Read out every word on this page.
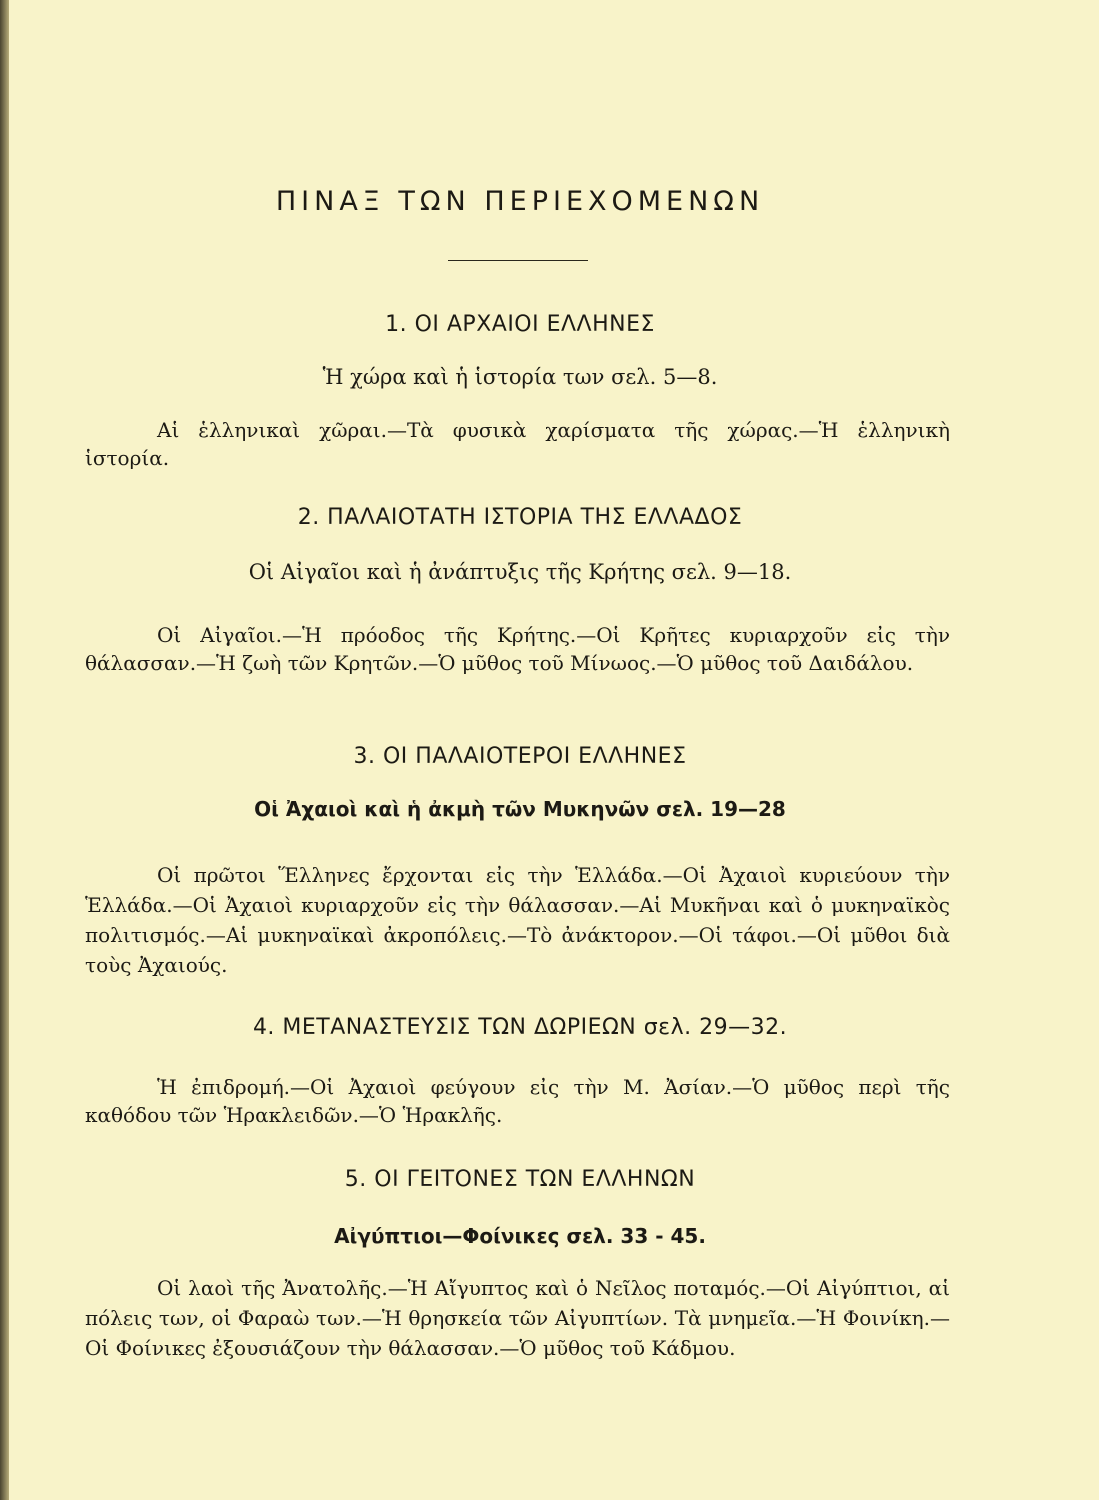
ΠΙΝΑΞ ΤΩΝ ΠΕΡΙΕΧΟΜΕΝΩΝ

1. ΟΙ ΑΡΧΑΙΟΙ ΕΛΛΗΝΕΣ

Ἡ χώρα καὶ ἡ ἱστορία των σελ. 5—8.

Αἱ ἑλληνικαὶ χῶραι.—Τὰ φυσικὰ χαρίσματα τῆς χώρας.—Ἡ ἑλληνικὴ ἱστορία.

2. ΠΑΛΑΙΟΤΑΤΗ ΙΣΤΟΡΙΑ ΤΗΣ ΕΛΛΑΔΟΣ

Οἱ Αἰγαῖοι καὶ ἡ ἀνάπτυξις τῆς Κρήτης σελ. 9—18.

Οἱ Αἰγαῖοι.—Ἡ πρόοδος τῆς Κρήτης.—Οἱ Κρῆτες κυριαρχοῦν εἰς τὴν θάλασσαν.—Ἡ ζωὴ τῶν Κρητῶν.—Ὁ μῦθος τοῦ Μίνωος.—Ὁ μῦθος τοῦ Δαιδάλου.

3. ΟΙ ΠΑΛΑΙΟΤΕΡΟΙ ΕΛΛΗΝΕΣ

Οἱ Ἀχαιοὶ καὶ ἡ ἀκμὴ τῶν Μυκηνῶν σελ. 19—28

Οἱ πρῶτοι Ἕλληνες ἔρχονται εἰς τὴν Ἑλλάδα.—Οἱ Ἀχαιοὶ κυριεύουν τὴν Ἑλλάδα.—Οἱ Ἀχαιοὶ κυριαρχοῦν εἰς τὴν θάλασσαν.—Αἱ Μυκῆναι καὶ ὁ μυκηναϊκὸς πολιτισμός.—Αἱ μυκηναϊκαὶ ἀκροπόλεις.—Τὸ ἀνάκτορον.—Οἱ τάφοι.—Οἱ μῦθοι διὰ τοὺς Ἀχαιούς.

4. ΜΕΤΑΝΑΣΤΕΥΣΙΣ ΤΩΝ ΔΩΡΙΕΩΝ σελ. 29—32.

Ἡ ἐπιδρομή.—Οἱ Ἀχαιοὶ φεύγουν εἰς τὴν Μ. Ἀσίαν.—Ὁ μῦθος περὶ τῆς καθόδου τῶν Ἡρακλειδῶν.—Ὁ Ἡρακλῆς.

5. ΟΙ ΓΕΙΤΟΝΕΣ ΤΩΝ ΕΛΛΗΝΩΝ

Αἰγύπτιοι—Φοίνικες σελ. 33 - 45.

Οἱ λαοὶ τῆς Ἀνατολῆς.—Ἡ Αἴγυπτος καὶ ὁ Νεῖλος ποταμός.—Οἱ Αἰγύπτιοι, αἱ πόλεις των, οἱ Φαραὼ των.—Ἡ θρησκεία τῶν Αἰγυπτίων. Τὰ μνημεῖα.—Ἡ Φοινίκη.—Οἱ Φοίνικες ἐξουσιάζουν τὴν θάλασσαν.—Ὁ μῦθος τοῦ Κάδμου.
